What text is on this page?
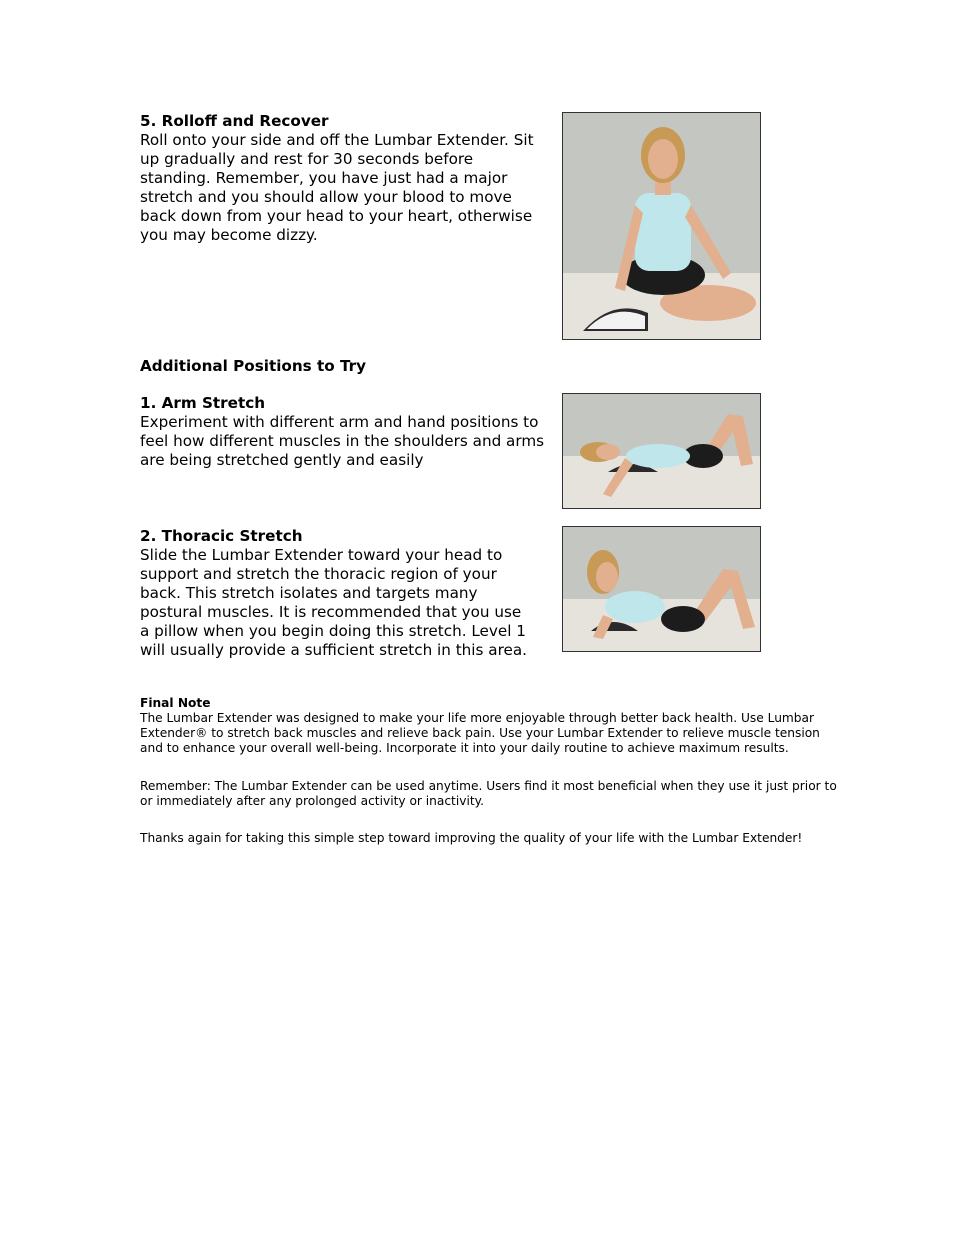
5. Rolloff and Recover

Roll onto your side and off the Lumbar Extender. Sit up gradually and rest for 30 seconds before standing. Remember, you have just had a major stretch and you should allow your blood to move back down from your head to your heart, otherwise you may become dizzy.

Additional Positions to Try
1. Arm Stretch

Experiment with different arm and hand positions to feel how different muscles in the shoulders and arms are being stretched gently and easily

2. Thoracic Stretch

Slide the Lumbar Extender toward your head to support and stretch the thoracic region of your back. This stretch isolates and targets many postural muscles. It is recommended that you use a pillow when you begin doing this stretch. Level 1 will usually provide a sufficient stretch in this area.

Final Note

The Lumbar Extender was designed to make your life more enjoyable through better back health. Use Lumbar Extender® to stretch back muscles and relieve back pain. Use your Lumbar Extender to relieve muscle tension and to enhance your overall well-being. Incorporate it into your daily routine to achieve maximum results.

Remember: The Lumbar Extender can be used anytime. Users find it most beneficial when they use it just prior to or immediately after any prolonged activity or inactivity.

Thanks again for taking this simple step toward improving the quality of your life with the Lumbar Extender!
